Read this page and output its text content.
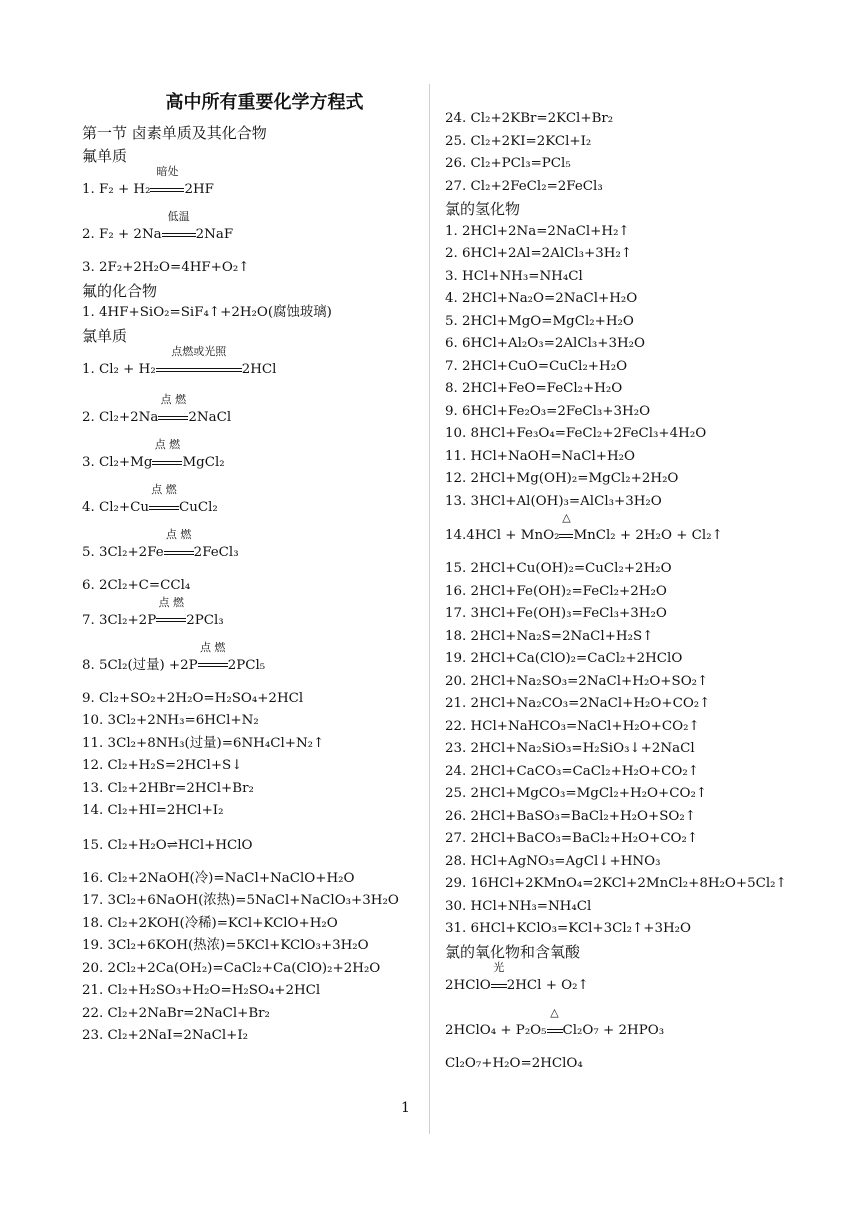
高中所有重要化学方程式
第一节 卤素单质及其化合物
氟单质
1. F₂ + H₂
暗处
2HF
2. F₂ + 2Na
低温
2NaF
3. 2F₂+2H₂O=4HF+O₂↑
氟的化合物
1. 4HF+SiO₂=SiF₄↑+2H₂O(腐蚀玻璃)
氯单质
1. Cl₂ + H₂
点燃或光照
2HCl
2. Cl₂+2Na
点 燃
2NaCl
3. Cl₂+Mg
点 燃
MgCl₂
4. Cl₂+Cu
点 燃
CuCl₂
5. 3Cl₂+2Fe
点 燃
2FeCl₃
6. 2Cl₂+C=CCl₄
7. 3Cl₂+2P
点 燃
2PCl₃
8. 5Cl₂(过量) +2P
点 燃
2PCl₅
9. Cl₂+SO₂+2H₂O=H₂SO₄+2HCl
10. 3Cl₂+2NH₃=6HCl+N₂
11. 3Cl₂+8NH₃(过量)=6NH₄Cl+N₂↑
12. Cl₂+H₂S=2HCl+S↓
13. Cl₂+2HBr=2HCl+Br₂
14. Cl₂+HI=2HCl+I₂
15. Cl₂+H₂O⇌HCl+HClO
16. Cl₂+2NaOH(冷)=NaCl+NaClO+H₂O
17. 3Cl₂+6NaOH(浓热)=5NaCl+NaClO₃+3H₂O
18. Cl₂+2KOH(冷稀)=KCl+KClO+H₂O
19. 3Cl₂+6KOH(热浓)=5KCl+KClO₃+3H₂O
20. 2Cl₂+2Ca(OH₂)=CaCl₂+Ca(ClO)₂+2H₂O
21. Cl₂+H₂SO₃+H₂O=H₂SO₄+2HCl
22. Cl₂+2NaBr=2NaCl+Br₂
23. Cl₂+2NaI=2NaCl+I₂
24. Cl₂+2KBr=2KCl+Br₂
25. Cl₂+2KI=2KCl+I₂
26. Cl₂+PCl₃=PCl₅
27. Cl₂+2FeCl₂=2FeCl₃
氯的氢化物
1. 2HCl+2Na=2NaCl+H₂↑
2. 6HCl+2Al=2AlCl₃+3H₂↑
3. HCl+NH₃=NH₄Cl
4. 2HCl+Na₂O=2NaCl+H₂O
5. 2HCl+MgO=MgCl₂+H₂O
6. 6HCl+Al₂O₃=2AlCl₃+3H₂O
7. 2HCl+CuO=CuCl₂+H₂O
8. 2HCl+FeO=FeCl₂+H₂O
9. 6HCl+Fe₂O₃=2FeCl₃+3H₂O
10. 8HCl+Fe₃O₄=FeCl₂+2FeCl₃+4H₂O
11. HCl+NaOH=NaCl+H₂O
12. 2HCl+Mg(OH)₂=MgCl₂+2H₂O
13. 3HCl+Al(OH)₃=AlCl₃+3H₂O
14.4HCl + MnO₂
△
MnCl₂ + 2H₂O + Cl₂↑
15. 2HCl+Cu(OH)₂=CuCl₂+2H₂O
16. 2HCl+Fe(OH)₂=FeCl₂+2H₂O
17. 3HCl+Fe(OH)₃=FeCl₃+3H₂O
18. 2HCl+Na₂S=2NaCl+H₂S↑
19. 2HCl+Ca(ClO)₂=CaCl₂+2HClO
20. 2HCl+Na₂SO₃=2NaCl+H₂O+SO₂↑
21. 2HCl+Na₂CO₃=2NaCl+H₂O+CO₂↑
22. HCl+NaHCO₃=NaCl+H₂O+CO₂↑
23. 2HCl+Na₂SiO₃=H₂SiO₃↓+2NaCl
24. 2HCl+CaCO₃=CaCl₂+H₂O+CO₂↑
25. 2HCl+MgCO₃=MgCl₂+H₂O+CO₂↑
26. 2HCl+BaSO₃=BaCl₂+H₂O+SO₂↑
27. 2HCl+BaCO₃=BaCl₂+H₂O+CO₂↑
28. HCl+AgNO₃=AgCl↓+HNO₃
29. 16HCl+2KMnO₄=2KCl+2MnCl₂+8H₂O+5Cl₂↑
30. HCl+NH₃=NH₄Cl
31. 6HCl+KClO₃=KCl+3Cl₂↑+3H₂O
氯的氧化物和含氧酸
2HClO
光
2HCl + O₂↑
2HClO₄ + P₂O₅
△
Cl₂O₇ + 2HPO₃
Cl₂O₇+H₂O=2HClO₄
1
